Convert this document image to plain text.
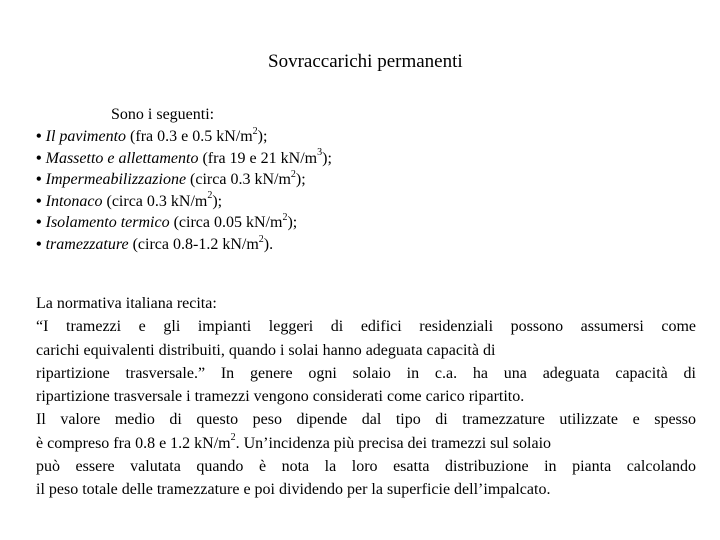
Sovraccarichi permanenti
Sono i seguenti:
• Il pavimento (fra 0.3 e 0.5 $kN/m^2$);
• Massetto e allettamento (fra 19 e 21 $kN/m^3$);
• Impermeabilizzazione (circa 0.3 $kN/m^2$);
• Intonaco (circa 0.3 $kN/m^2$);
• Isolamento termico (circa 0.05 $kN/m^2$);
• tramezzature (circa 0.8-1.2 $kN/m^2$).
La normativa italiana recita:
“I tramezzi e gli impianti leggeri di edifici residenziali possono assumersi come
carichi equivalenti distribuiti, quando i solai hanno adeguata capacità di
ripartizione trasversale.” In genere ogni solaio in c.a. ha una adeguata capacità di
ripartizione trasversale i tramezzi vengono considerati come carico ripartito.
Il valore medio di questo peso dipende dal tipo di tramezzature utilizzate e spesso
è compreso fra 0.8 e 1.2 $kN/m^2$. Un’incidenza più precisa dei tramezzi sul solaio
può essere valutata quando è nota la loro esatta distribuzione in pianta calcolando
il peso totale delle tramezzature e poi dividendo per la superficie dell’impalcato.
